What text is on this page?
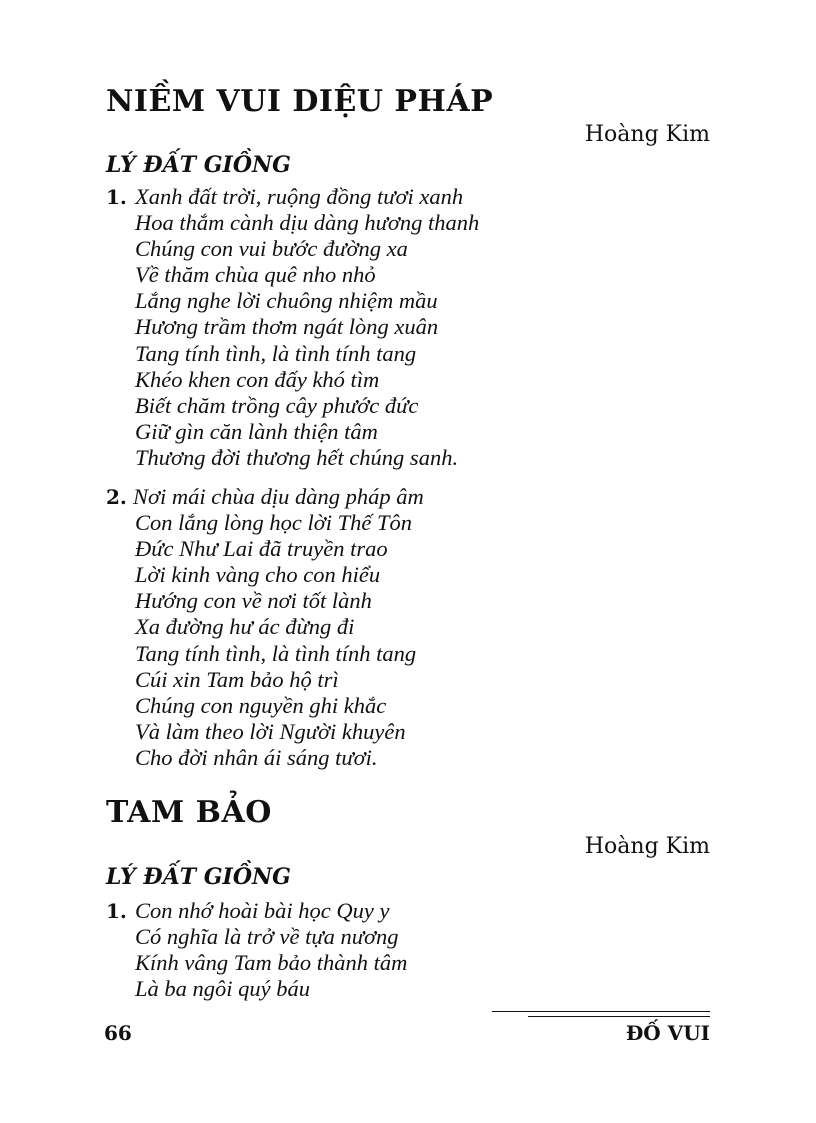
NIỀM VUI DIỆU PHÁP
Hoàng Kim
LÝ ĐẤT GIỒNG
1. Xanh đất trời, ruộng đồng tươi xanh
Hoa thắm cành dịu dàng hương thanh
Chúng con vui bước đường xa
Về thăm chùa quê nho nhỏ
Lắng nghe lời chuông nhiệm mầu
Hương trầm thơm ngát lòng xuân
Tang tính tình, là tình tính tang
Khéo khen con đấy khó tìm
Biết chăm trồng cây phước đức
Giữ gìn căn lành thiện tâm
Thương đời thương hết chúng sanh.
2. Nơi mái chùa dịu dàng pháp âm
Con lắng lòng học lời Thế Tôn
Đức Như Lai đã truyền trao
Lời kinh vàng cho con hiểu
Hướng con về nơi tốt lành
Xa đường hư ác đừng đi
Tang tính tình, là tình tính tang
Cúi xin Tam bảo hộ trì
Chúng con nguyền ghi khắc
Và làm theo lời Người khuyên
Cho đời nhân ái sáng tươi.
TAM BẢO
Hoàng Kim
LÝ ĐẤT GIỒNG
1. Con nhớ hoài bài học Quy y
Có nghĩa là trở về tựa nương
Kính vâng Tam bảo thành tâm
Là ba ngôi quý báu
66	ĐỐ VUI
